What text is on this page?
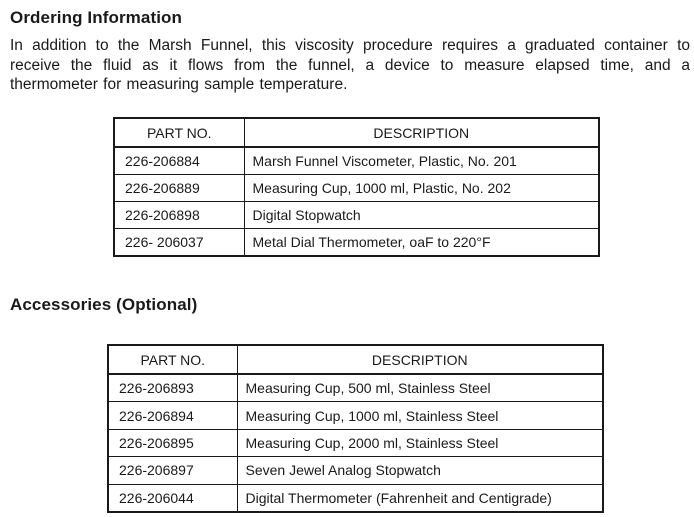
Ordering Information

In addition to the Marsh Funnel, this viscosity procedure requires a graduated container to receive the fluid as it flows from the funnel, a device to measure elapsed time, and a thermometer for measuring sample temperature.

PART NO.	DESCRIPTION
226-206884	Marsh Funnel Viscometer, Plastic, No. 201
226-206889	Measuring Cup, 1000 ml, Plastic, No. 202
226-206898	Digital Stopwatch
226- 206037	Metal Dial Thermometer, oaF to 220°F
Accessories (Optional)
PART NO.	DESCRIPTION
226-206893	Measuring Cup, 500 ml, Stainless Steel
226-206894	Measuring Cup, 1000 ml, Stainless Steel
226-206895	Measuring Cup, 2000 ml, Stainless Steel
226-206897	Seven Jewel Analog Stopwatch
226-206044	Digital Thermometer (Fahrenheit and Centigrade)
